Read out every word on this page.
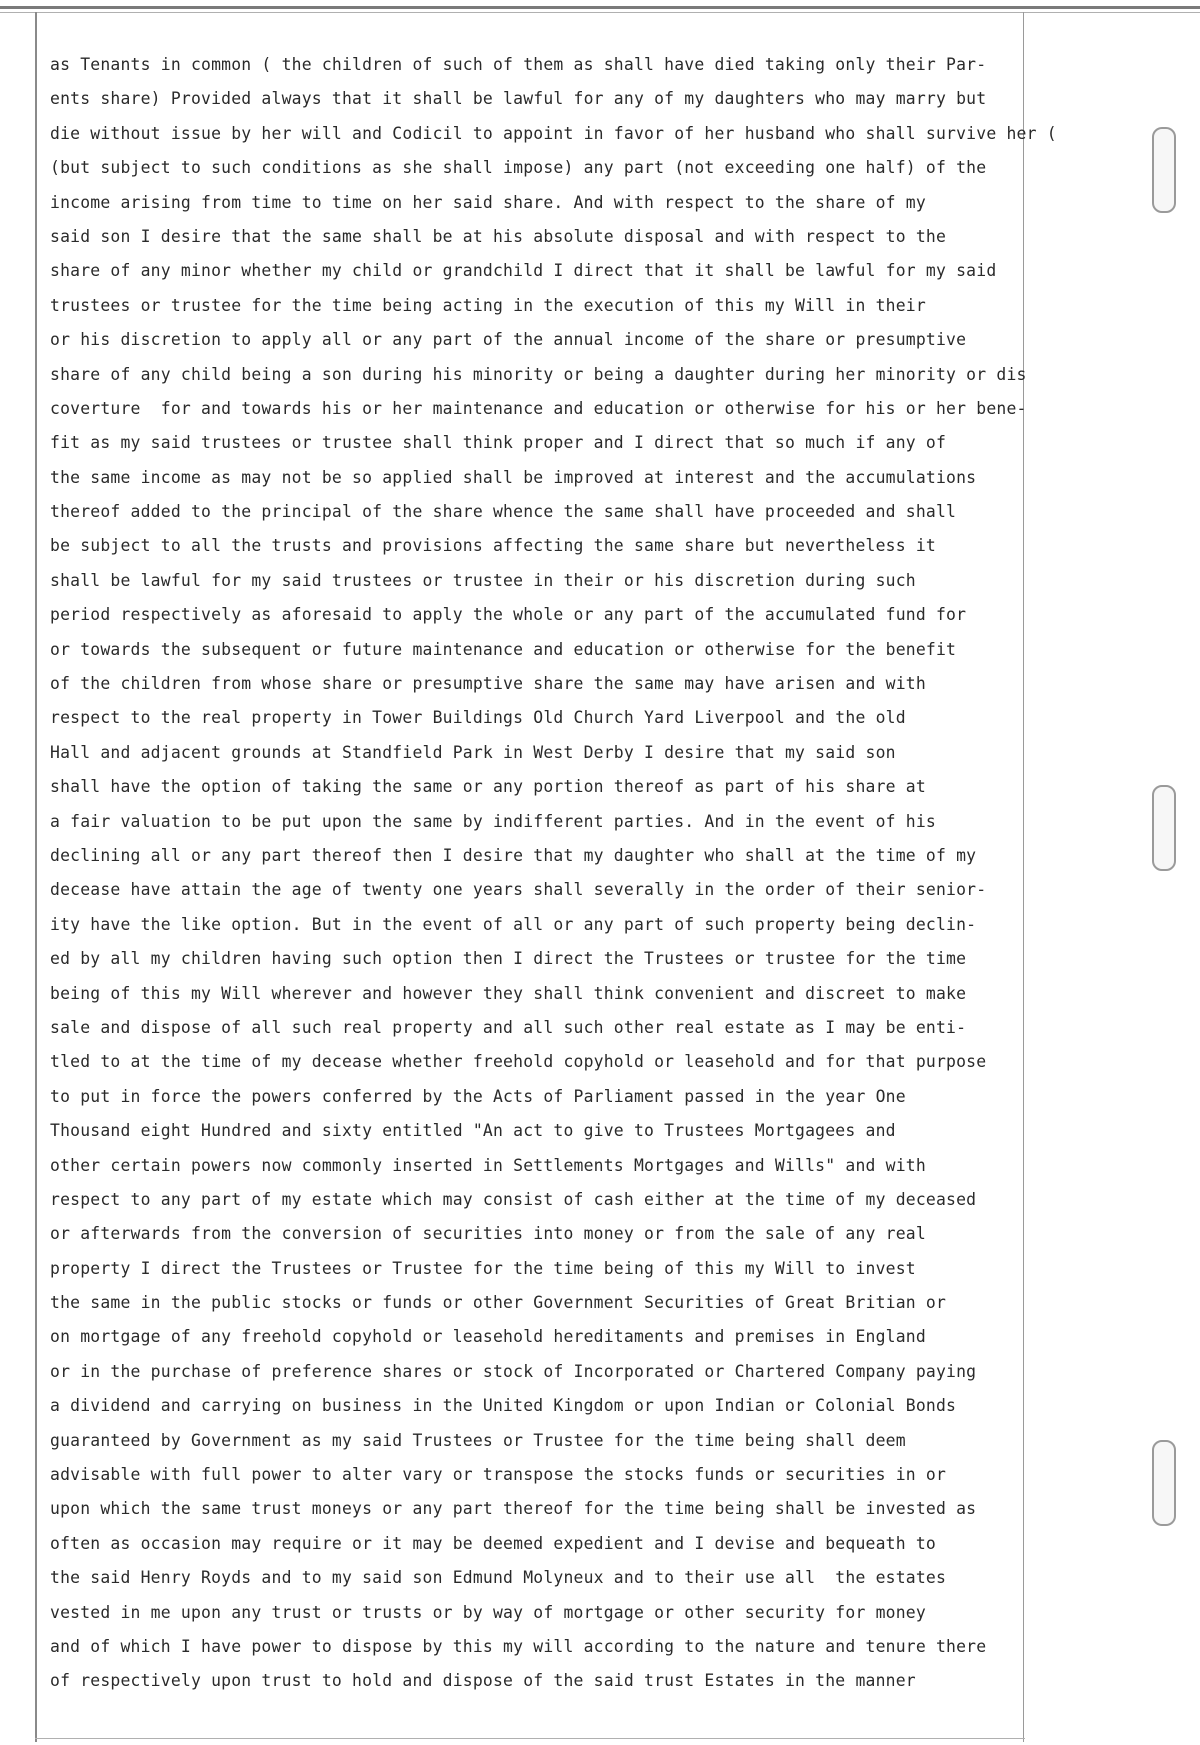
as Tenants in common ( the children of such of them as shall have died taking only their Par-
ents share) Provided always that it shall be lawful for any of my daughters who may marry but
die without issue by her will and Codicil to appoint in favor of her husband who shall survive her (
(but subject to such conditions as she shall impose) any part (not exceeding one half) of the
income arising from time to time on her said share. And with respect to the share of my
said son I desire that the same shall be at his absolute disposal and with respect to the
share of any minor whether my child or grandchild I direct that it shall be lawful for my said
trustees or trustee for the time being acting in the execution of this my Will in their
or his discretion to apply all or any part of the annual income of the share or presumptive
share of any child being a son during his minority or being a daughter during her minority or dis
coverture  for and towards his or her maintenance and education or otherwise for his or her bene-
fit as my said trustees or trustee shall think proper and I direct that so much if any of
the same income as may not be so applied shall be improved at interest and the accumulations
thereof added to the principal of the share whence the same shall have proceeded and shall
be subject to all the trusts and provisions affecting the same share but nevertheless it
shall be lawful for my said trustees or trustee in their or his discretion during such
period respectively as aforesaid to apply the whole or any part of the accumulated fund for
or towards the subsequent or future maintenance and education or otherwise for the benefit
of the children from whose share or presumptive share the same may have arisen and with
respect to the real property in Tower Buildings Old Church Yard Liverpool and the old
Hall and adjacent grounds at Standfield Park in West Derby I desire that my said son
shall have the option of taking the same or any portion thereof as part of his share at
a fair valuation to be put upon the same by indifferent parties. And in the event of his
declining all or any part thereof then I desire that my daughter who shall at the time of my
decease have attain the age of twenty one years shall severally in the order of their senior-
ity have the like option. But in the event of all or any part of such property being declin-
ed by all my children having such option then I direct the Trustees or trustee for the time
being of this my Will wherever and however they shall think convenient and discreet to make
sale and dispose of all such real property and all such other real estate as I may be enti-
tled to at the time of my decease whether freehold copyhold or leasehold and for that purpose
to put in force the powers conferred by the Acts of Parliament passed in the year One
Thousand eight Hundred and sixty entitled "An act to give to Trustees Mortgagees and
other certain powers now commonly inserted in Settlements Mortgages and Wills" and with
respect to any part of my estate which may consist of cash either at the time of my deceased
or afterwards from the conversion of securities into money or from the sale of any real
property I direct the Trustees or Trustee for the time being of this my Will to invest
the same in the public stocks or funds or other Government Securities of Great Britian or
on mortgage of any freehold copyhold or leasehold hereditaments and premises in England
or in the purchase of preference shares or stock of Incorporated or Chartered Company paying
a dividend and carrying on business in the United Kingdom or upon Indian or Colonial Bonds
guaranteed by Government as my said Trustees or Trustee for the time being shall deem
advisable with full power to alter vary or transpose the stocks funds or securities in or
upon which the same trust moneys or any part thereof for the time being shall be invested as
often as occasion may require or it may be deemed expedient and I devise and bequeath to
the said Henry Royds and to my said son Edmund Molyneux and to their use all  the estates
vested in me upon any trust or trusts or by way of mortgage or other security for money
and of which I have power to dispose by this my will according to the nature and tenure there
of respectively upon trust to hold and dispose of the said trust Estates in the manner
